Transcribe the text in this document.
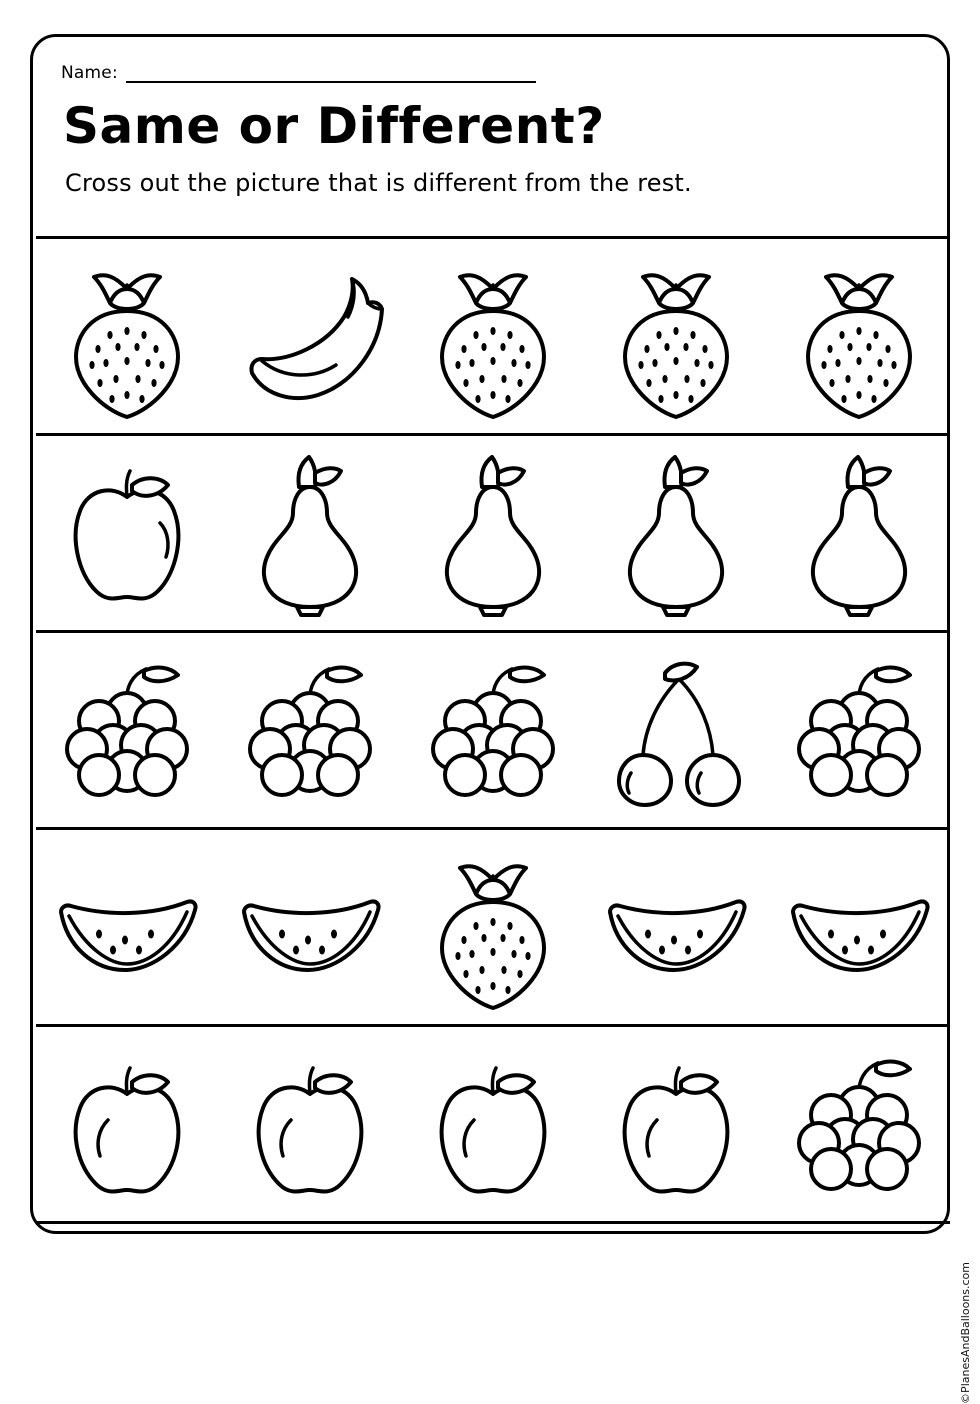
Name:
Same or Different?
Cross out the picture that is different from the rest.
©PlanesAndBalloons.com
